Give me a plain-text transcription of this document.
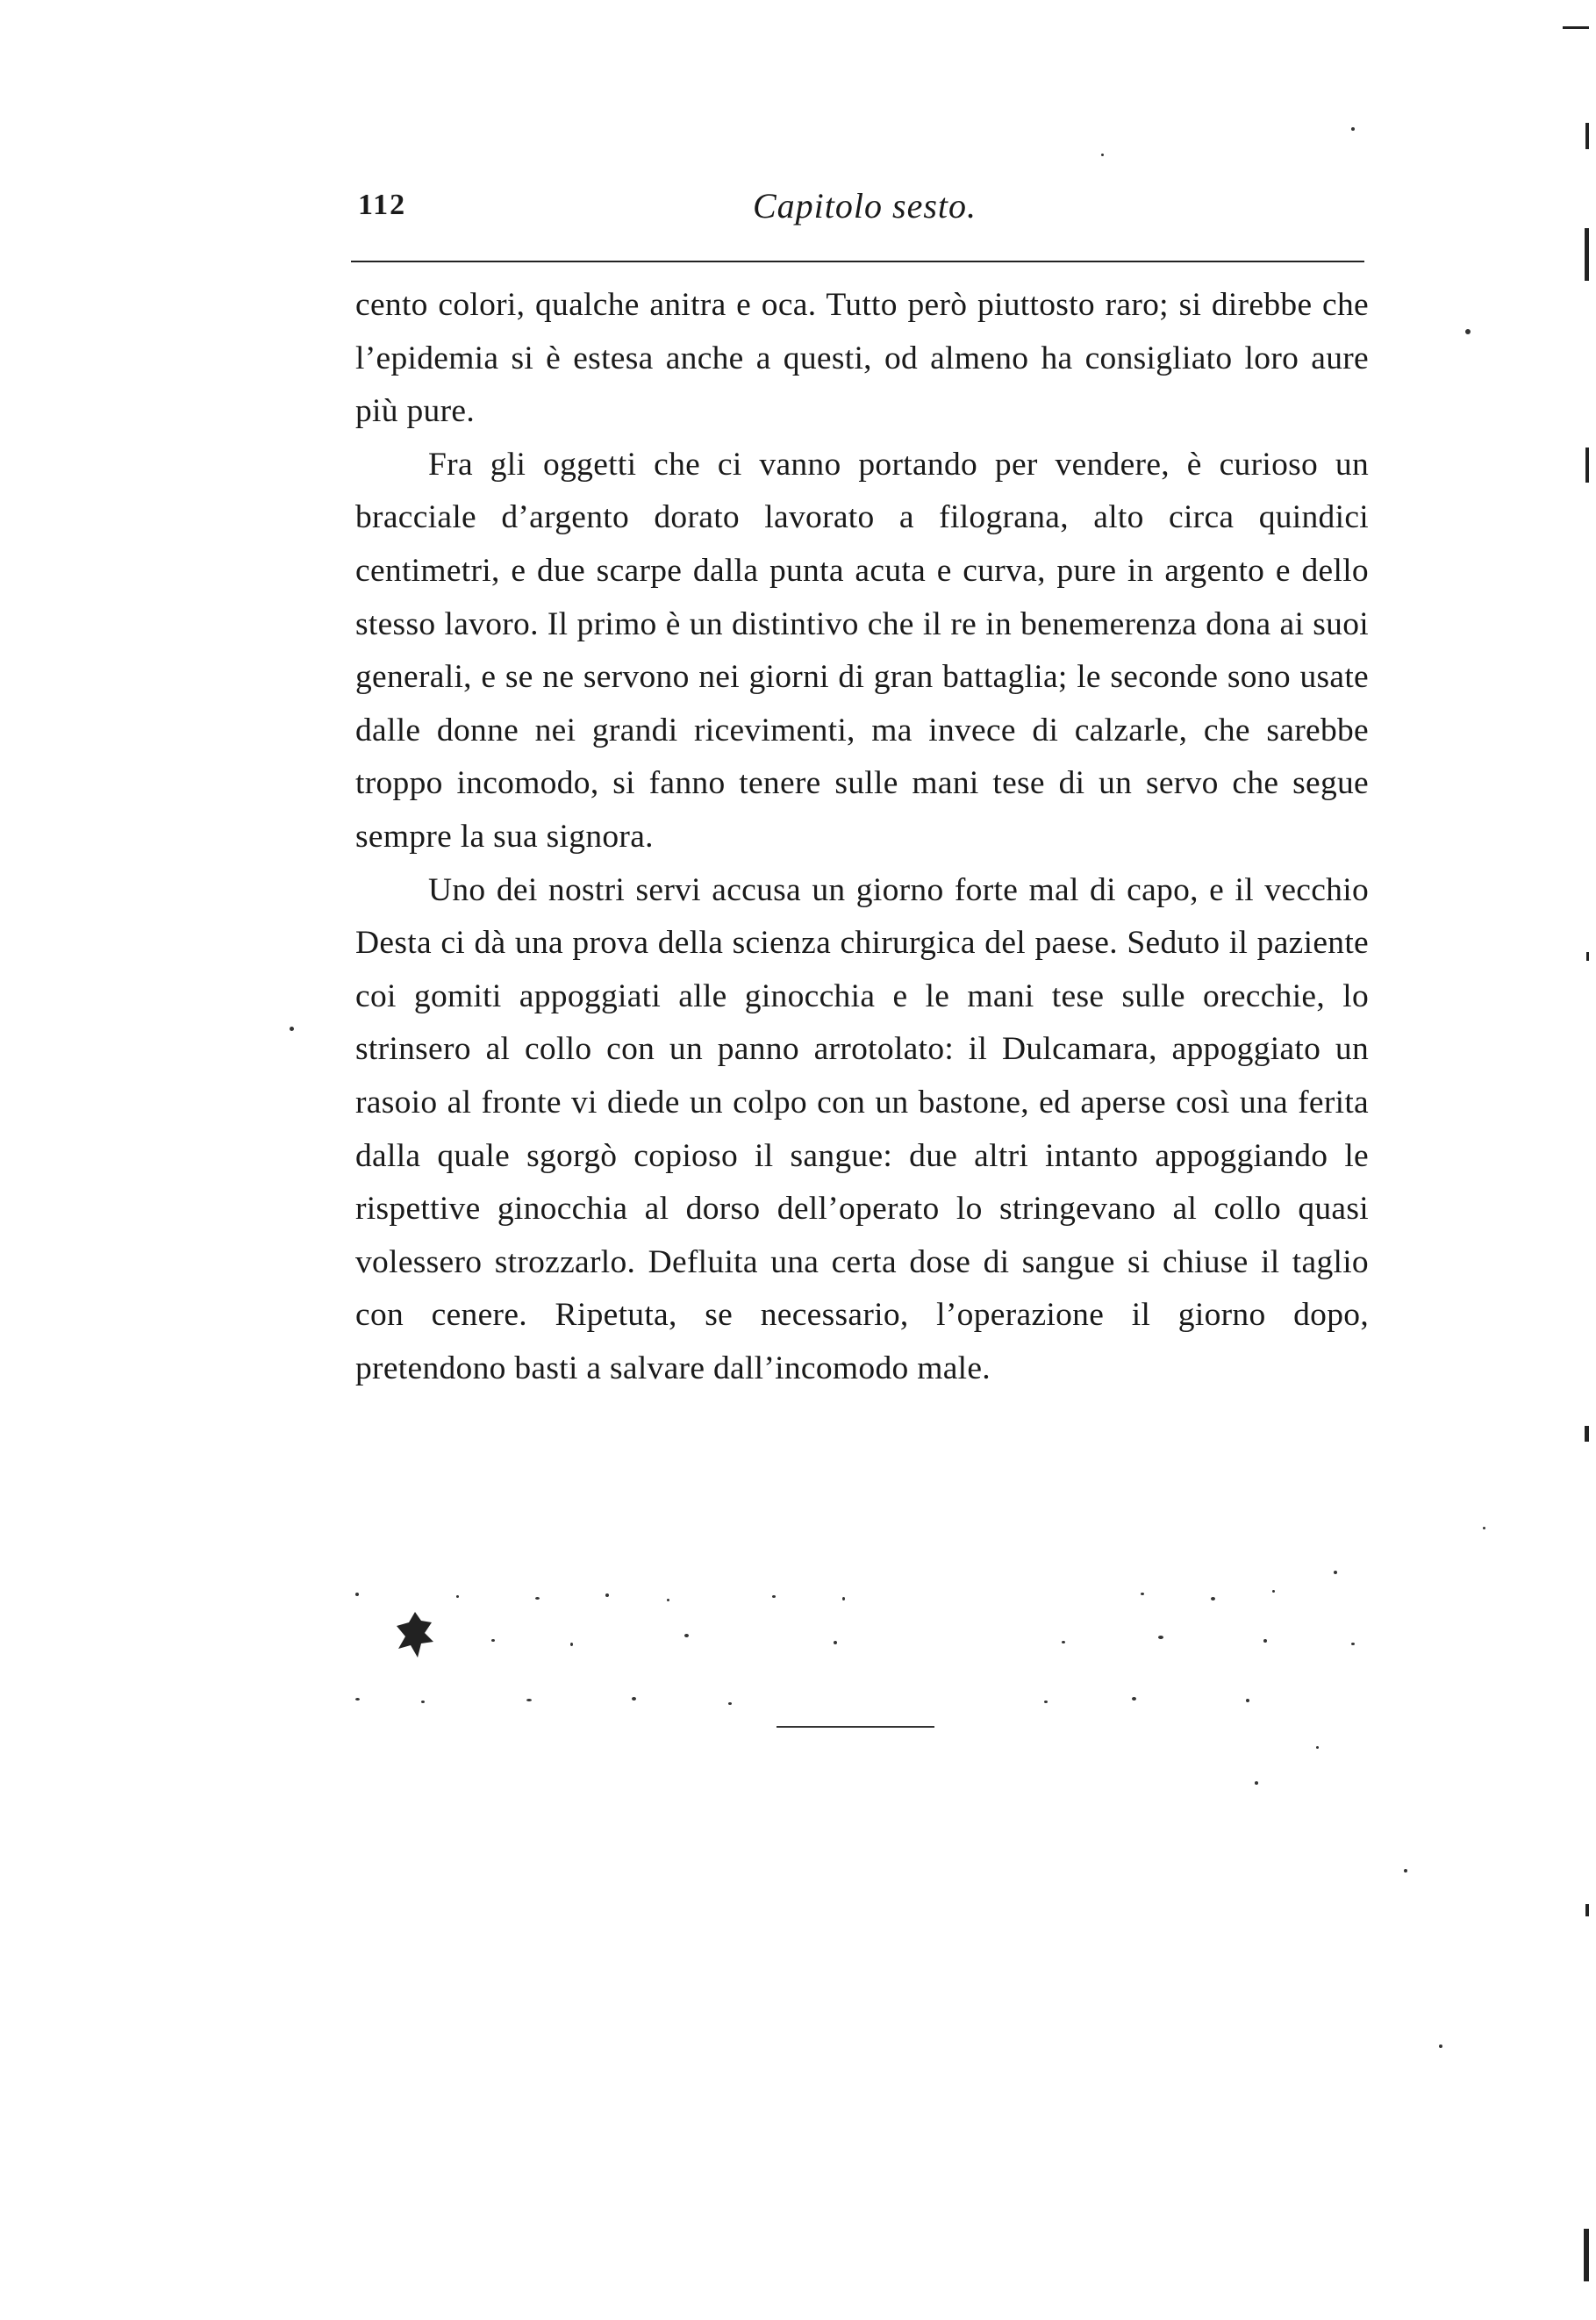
112	Capitolo sesto.

cento colori, qualche anitra e oca. Tutto però piuttosto raro; si direbbe che l’epidemia si è estesa anche a questi, od almeno ha consigliato loro aure più pure.

Fra gli oggetti che ci vanno portando per vendere, è curioso un bracciale d’argento dorato lavorato a filograna, alto circa quindici centimetri, e due scarpe dalla punta acuta e curva, pure in argento e dello stesso lavoro. Il primo è un distintivo che il re in benemerenza dona ai suoi generali, e se ne servono nei giorni di gran battaglia; le seconde sono usate dalle donne nei grandi ricevimenti, ma invece di calzarle, che sarebbe troppo incomodo, si fanno tenere sulle mani tese di un servo che segue sempre la sua signora.

Uno dei nostri servi accusa un giorno forte mal di capo, e il vecchio Desta ci dà una prova della scienza chirurgica del paese. Seduto il paziente coi gomiti appoggiati alle ginocchia e le mani tese sulle orecchie, lo strinsero al collo con un panno arrotolato: il Dulcamara, appoggiato un rasoio al fronte vi diede un colpo con un bastone, ed aperse così una ferita dalla quale sgorgò copioso il sangue: due altri intanto appoggiando le rispettive ginocchia al dorso dell’operato lo stringevano al collo quasi volessero strozzarlo. Defluita una certa dose di sangue si chiuse il taglio con cenere. Ripetuta, se necessario, l’operazione il giorno dopo, pretendono basti a salvare dall’incomodo male.
